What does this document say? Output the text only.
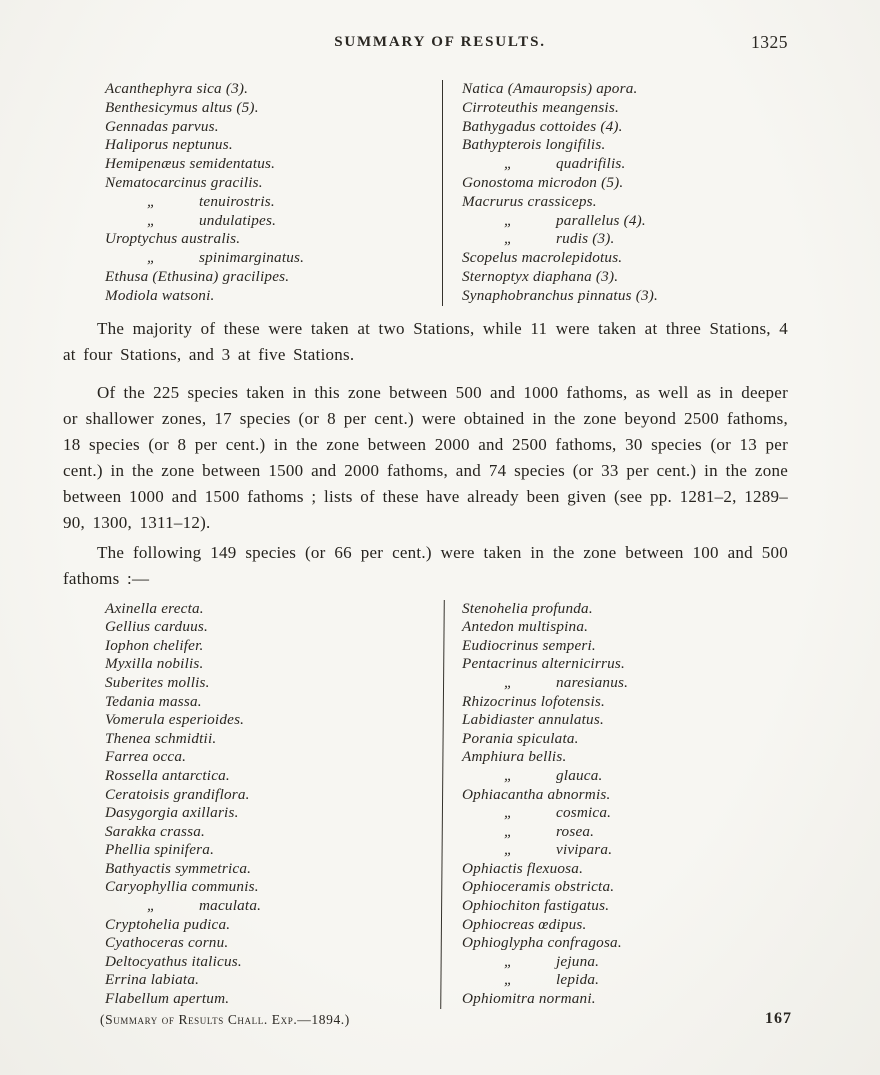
SUMMARY OF RESULTS.	1325
Acanthephyra sica (3).
Benthesicymus altus (5).
Gennadas parvus.
Haliporus neptunus.
Hemipenæus semidentatus.
Nematocarcinus gracilis.
„	tenuirostris.
„	undulatipes.
Uroptychus australis.
„	spinimarginatus.
Ethusa (Ethusina) gracilipes.
Modiola watsoni.
Natica (Amauropsis) apora.
Cirroteuthis meangensis.
Bathygadus cottoides (4).
Bathypterois longifilis.
„	quadrifilis.
Gonostoma microdon (5).
Macrurus crassiceps.
„	parallelus (4).
„	rudis (3).
Scopelus macrolepidotus.
Sternoptyx diaphana (3).
Synaphobranchus pinnatus (3).

The majority of these were taken at two Stations, while 11 were taken at three Stations, 4 at four Stations, and 3 at five Stations.

Of the 225 species taken in this zone between 500 and 1000 fathoms, as well as in deeper or shallower zones, 17 species (or 8 per cent.) were obtained in the zone beyond 2500 fathoms, 18 species (or 8 per cent.) in the zone between 2000 and 2500 fathoms, 30 species (or 13 per cent.) in the zone between 1500 and 2000 fathoms, and 74 species (or 33 per cent.) in the zone between 1000 and 1500 fathoms ; lists of these have already been given (see pp. 1281–2, 1289–90, 1300, 1311–12).

The following 149 species (or 66 per cent.) were taken in the zone between 100 and 500 fathoms :—

Axinella erecta.
Gellius carduus.
Iophon chelifer.
Myxilla nobilis.
Suberites mollis.
Tedania massa.
Vomerula esperioides.
Thenea schmidtii.
Farrea occa.
Rossella antarctica.
Ceratoisis grandiflora.
Dasygorgia axillaris.
Sarakka crassa.
Phellia spinifera.
Bathyactis symmetrica.
Caryophyllia communis.
„	maculata.
Cryptohelia pudica.
Cyathoceras cornu.
Deltocyathus italicus.
Errina labiata.
Flabellum apertum.
Stenohelia profunda.
Antedon multispina.
Eudiocrinus semperi.
Pentacrinus alternicirrus.
„	naresianus.
Rhizocrinus lofotensis.
Labidiaster annulatus.
Porania spiculata.
Amphiura bellis.
„	glauca.
Ophiacantha abnormis.
„	cosmica.
„	rosea.
„	vivipara.
Ophiactis flexuosa.
Ophioceramis obstricta.
Ophiochiton fastigatus.
Ophiocreas œdipus.
Ophioglypha confragosa.
„	jejuna.
„	lepida.
Ophiomitra normani.
(Summary of Results Chall. Exp.—1894.)	167
